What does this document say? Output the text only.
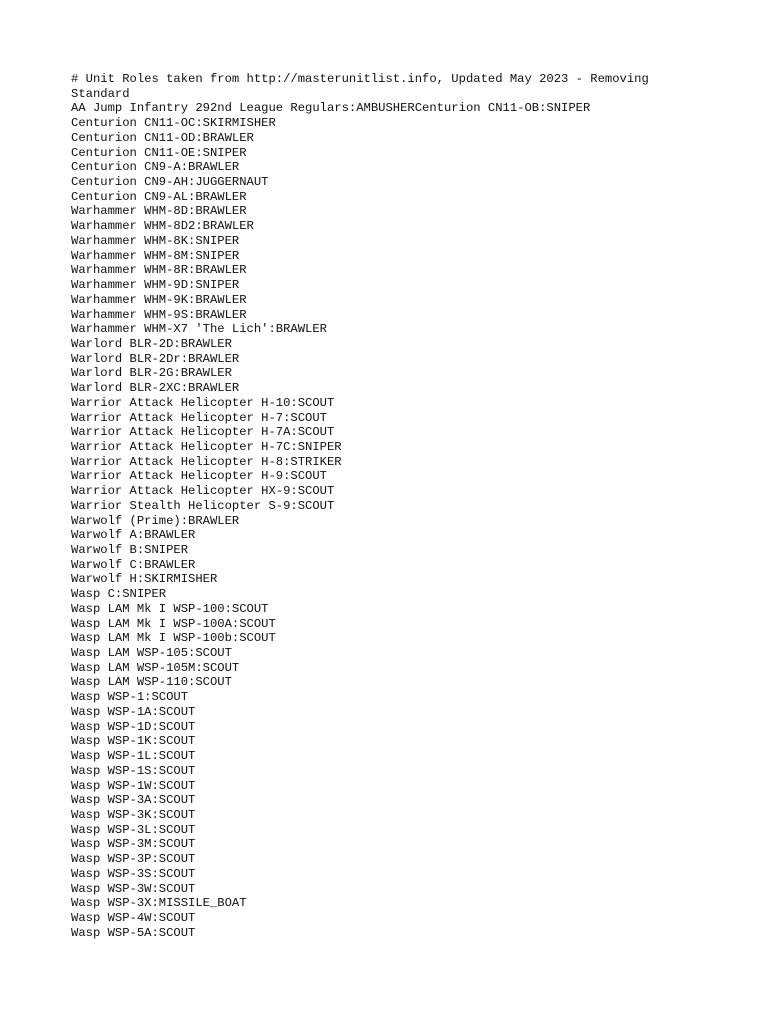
# Unit Roles taken from http://masterunitlist.info, Updated May 2023 - Removing
Standard
AA Jump Infantry 292nd League Regulars:AMBUSHERCenturion CN11-OB:SNIPER
Centurion CN11-OC:SKIRMISHER
Centurion CN11-OD:BRAWLER
Centurion CN11-OE:SNIPER
Centurion CN9-A:BRAWLER
Centurion CN9-AH:JUGGERNAUT
Centurion CN9-AL:BRAWLER
Warhammer WHM-8D:BRAWLER
Warhammer WHM-8D2:BRAWLER
Warhammer WHM-8K:SNIPER
Warhammer WHM-8M:SNIPER
Warhammer WHM-8R:BRAWLER
Warhammer WHM-9D:SNIPER
Warhammer WHM-9K:BRAWLER
Warhammer WHM-9S:BRAWLER
Warhammer WHM-X7 'The Lich':BRAWLER
Warlord BLR-2D:BRAWLER
Warlord BLR-2Dr:BRAWLER
Warlord BLR-2G:BRAWLER
Warlord BLR-2XC:BRAWLER
Warrior Attack Helicopter H-10:SCOUT
Warrior Attack Helicopter H-7:SCOUT
Warrior Attack Helicopter H-7A:SCOUT
Warrior Attack Helicopter H-7C:SNIPER
Warrior Attack Helicopter H-8:STRIKER
Warrior Attack Helicopter H-9:SCOUT
Warrior Attack Helicopter HX-9:SCOUT
Warrior Stealth Helicopter S-9:SCOUT
Warwolf (Prime):BRAWLER
Warwolf A:BRAWLER
Warwolf B:SNIPER
Warwolf C:BRAWLER
Warwolf H:SKIRMISHER
Wasp C:SNIPER
Wasp LAM Mk I WSP-100:SCOUT
Wasp LAM Mk I WSP-100A:SCOUT
Wasp LAM Mk I WSP-100b:SCOUT
Wasp LAM WSP-105:SCOUT
Wasp LAM WSP-105M:SCOUT
Wasp LAM WSP-110:SCOUT
Wasp WSP-1:SCOUT
Wasp WSP-1A:SCOUT
Wasp WSP-1D:SCOUT
Wasp WSP-1K:SCOUT
Wasp WSP-1L:SCOUT
Wasp WSP-1S:SCOUT
Wasp WSP-1W:SCOUT
Wasp WSP-3A:SCOUT
Wasp WSP-3K:SCOUT
Wasp WSP-3L:SCOUT
Wasp WSP-3M:SCOUT
Wasp WSP-3P:SCOUT
Wasp WSP-3S:SCOUT
Wasp WSP-3W:SCOUT
Wasp WSP-3X:MISSILE_BOAT
Wasp WSP-4W:SCOUT
Wasp WSP-5A:SCOUT
